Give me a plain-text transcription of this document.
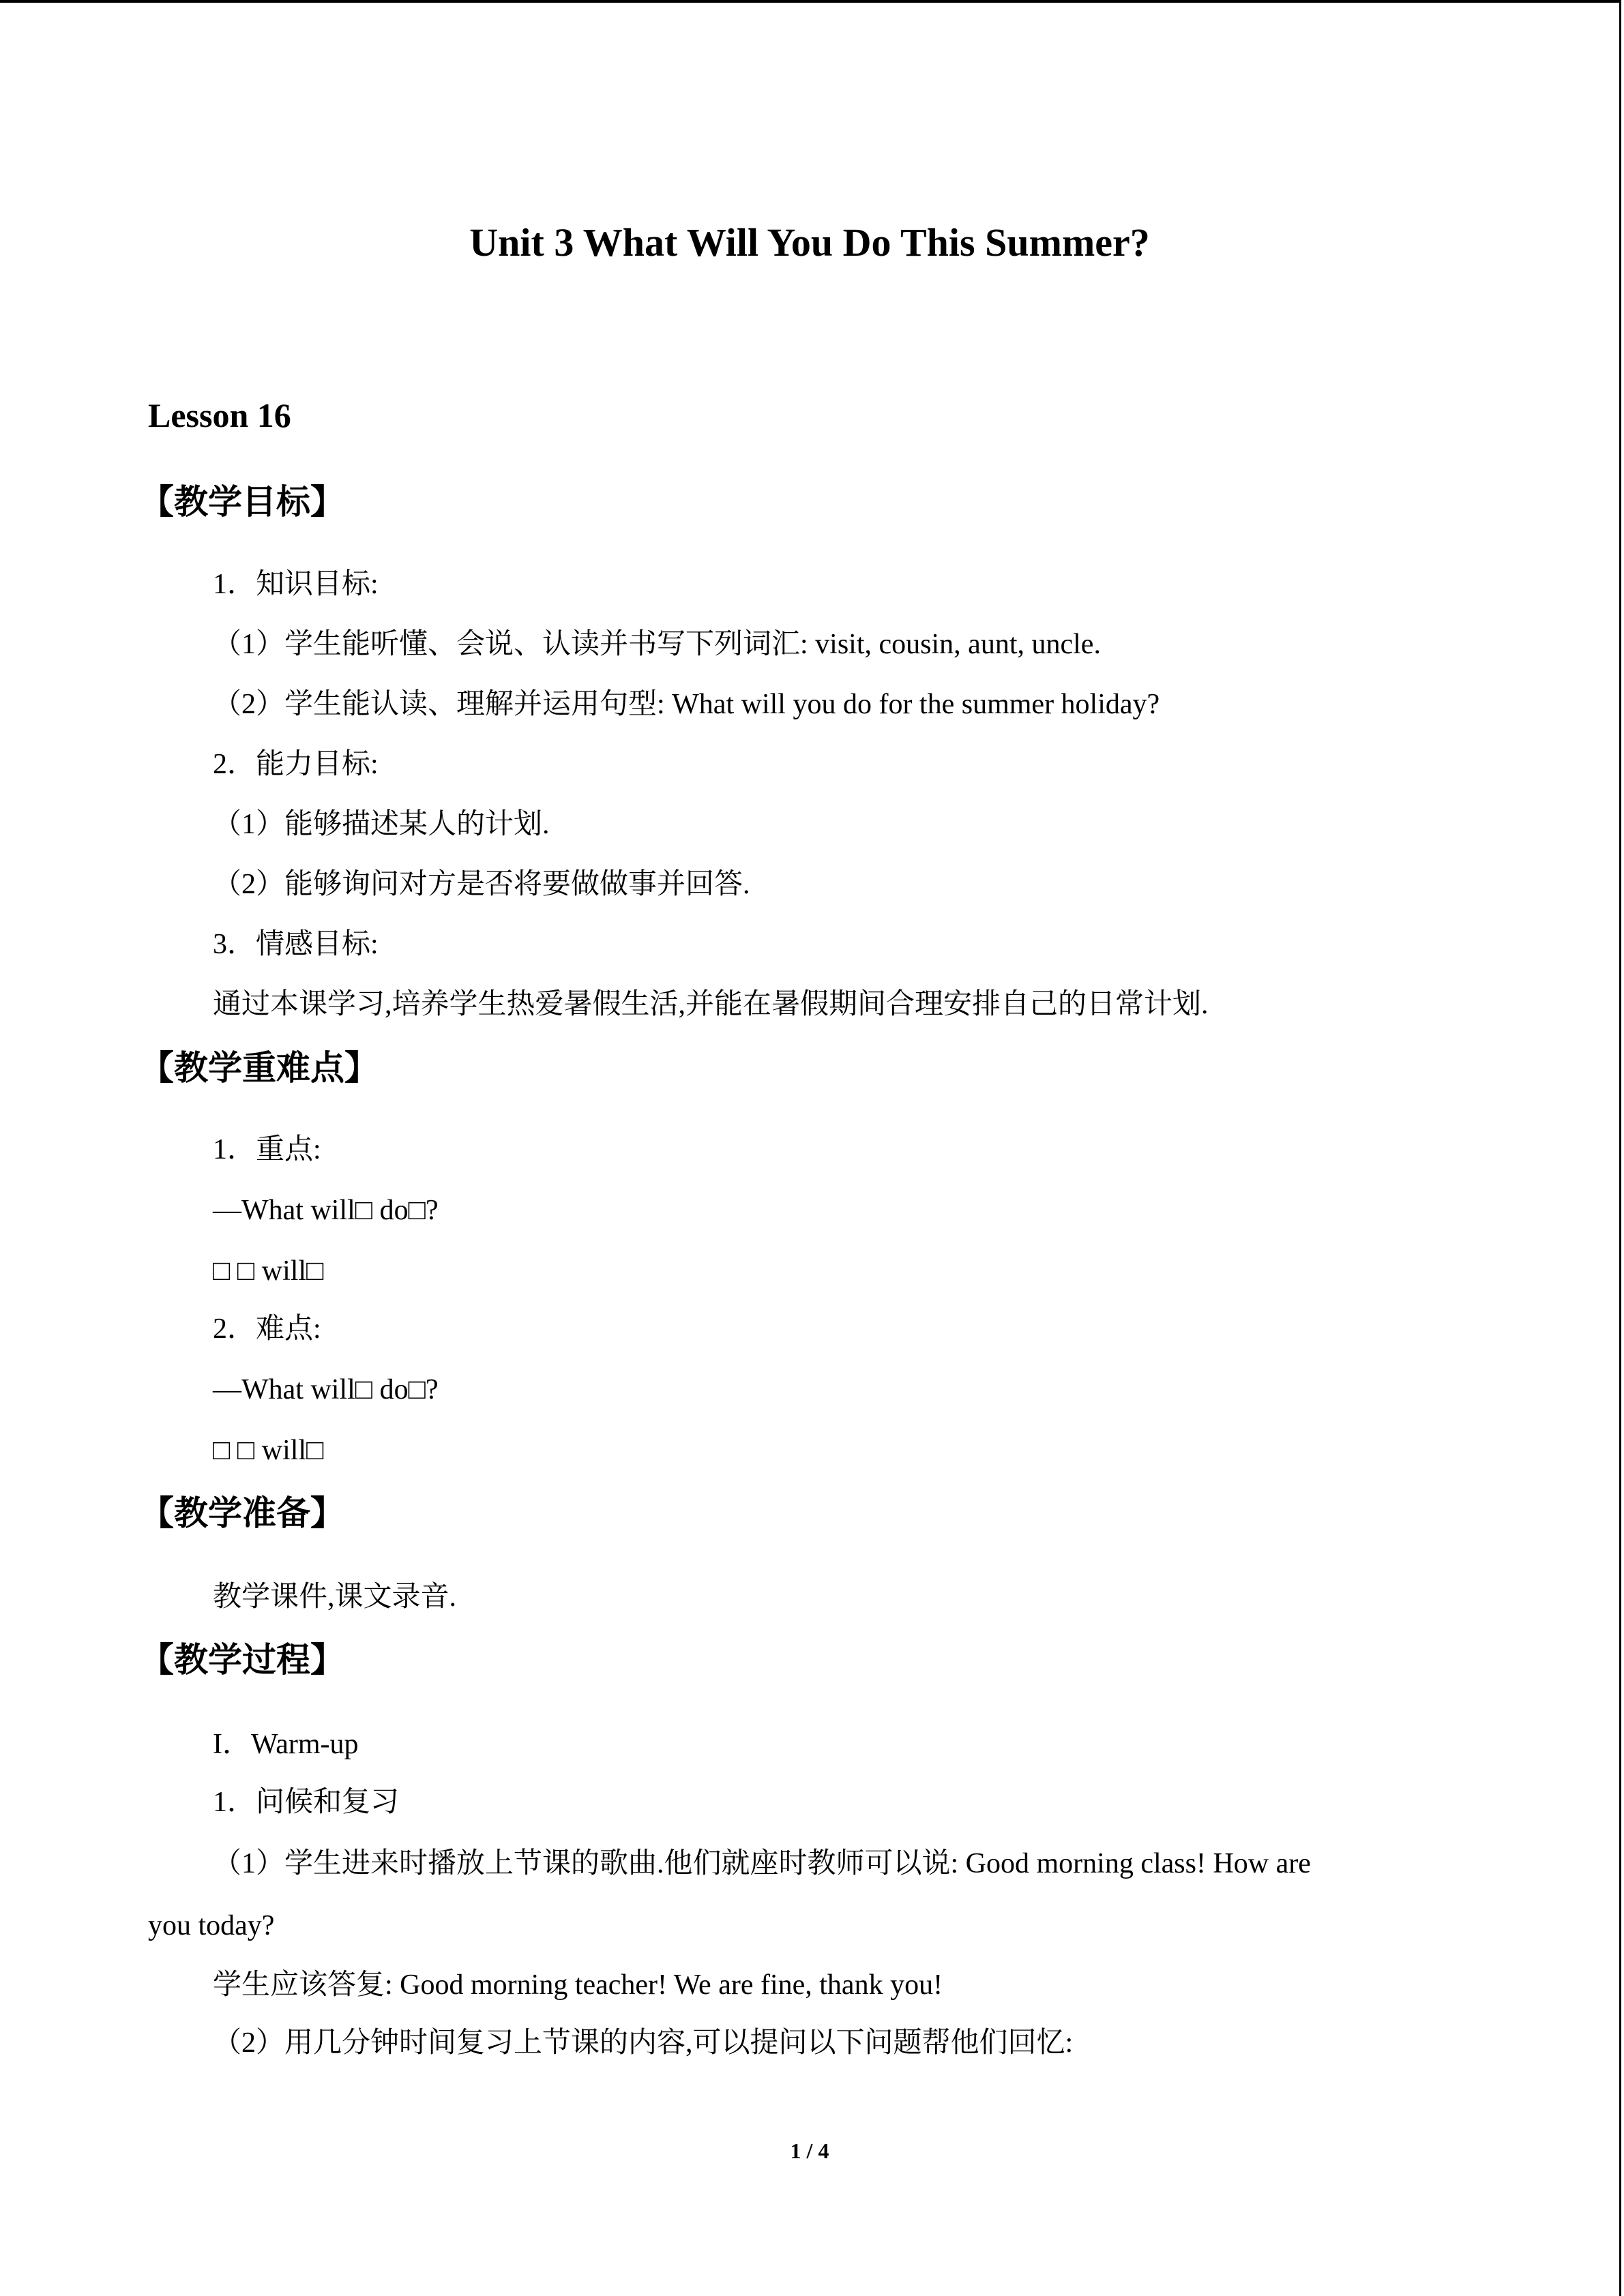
Unit 3 What Will You Do This Summer?
Lesson 16
【教学目标】
1．知识目标:
（1）学生能听懂、会说、认读并书写下列词汇: visit, cousin, aunt, uncle.
（2）学生能认读、理解并运用句型: What will you do for the summer holiday?
2．能力目标:
（1）能够描述某人的计划.
（2）能够询问对方是否将要做做事并回答.
3．情感目标:
通过本课学习,培养学生热爱暑假生活,并能在暑假期间合理安排自己的日常计划.
【教学重难点】
1．重点:
—What will□ do□?
□ □ will□
2．难点:
—What will□ do□?
□ □ will□
【教学准备】
教学课件,课文录音.
【教学过程】
I．Warm-up
1．问候和复习
（1）学生进来时播放上节课的歌曲.他们就座时教师可以说: Good morning class! How are
you today?
学生应该答复: Good morning teacher! We are fine, thank you!
（2）用几分钟时间复习上节课的内容,可以提问以下问题帮他们回忆:
1 / 4
